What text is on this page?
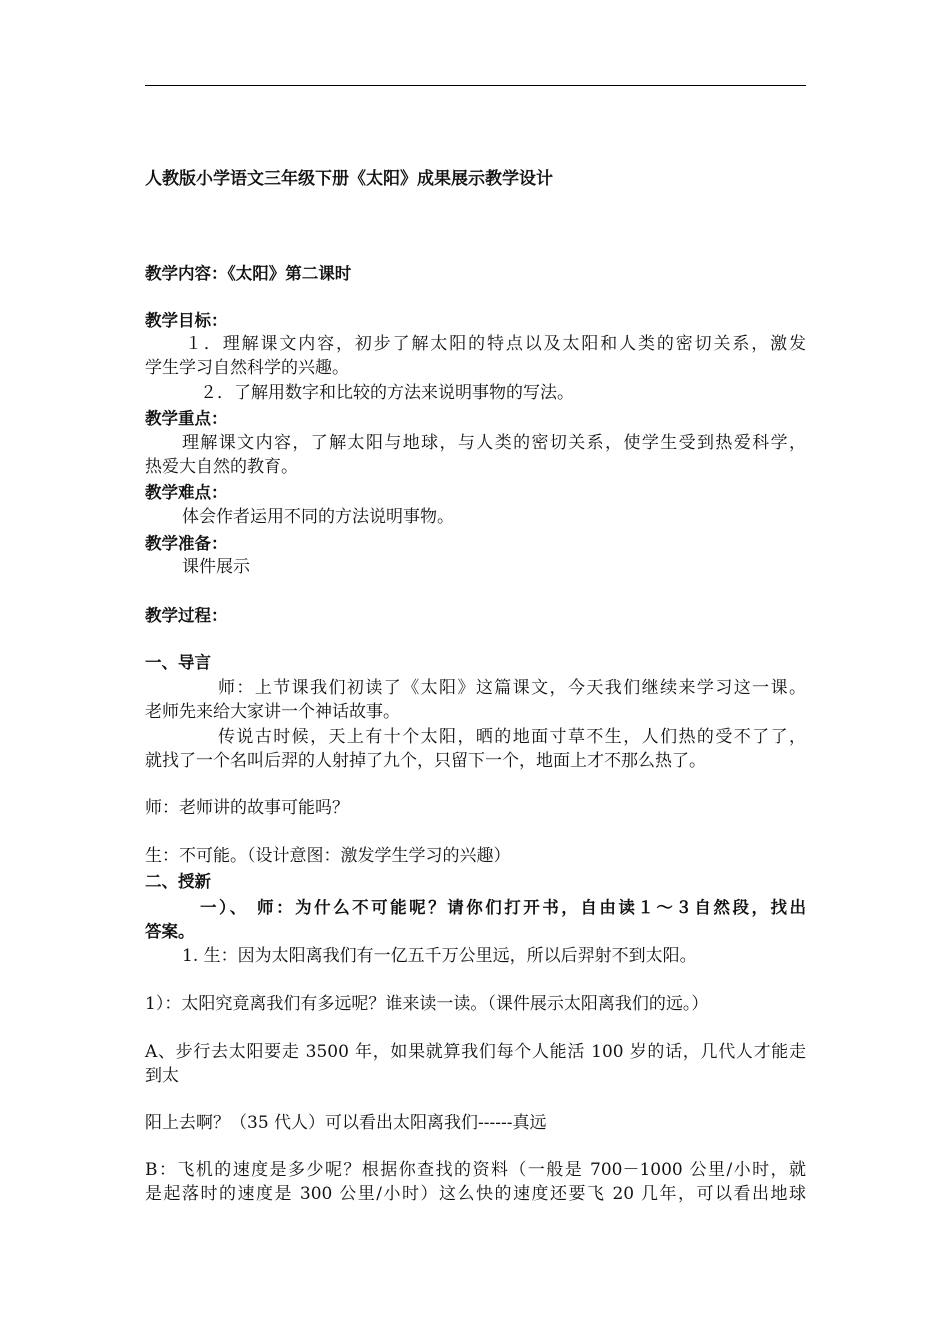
人教版小学语文三年级下册《太阳》成果展示教学设计
教学内容：《太阳》第二课时
教学目标：
１．理解课文内容，初步了解太阳的特点以及太阳和人类的密切关系，激发
学生学习自然科学的兴趣。
２．了解用数字和比较的方法来说明事物的写法。
教学重点：
理解课文内容，了解太阳与地球，与人类的密切关系，使学生受到热爱科学，
热爱大自然的教育。
教学难点：
体会作者运用不同的方法说明事物。
教学准备：
课件展示
教学过程：
一、导言
师：上节课我们初读了《太阳》这篇课文，今天我们继续来学习这一课。
老师先来给大家讲一个神话故事。
传说古时候，天上有十个太阳，晒的地面寸草不生，人们热的受不了了，
就找了一个名叫后羿的人射掉了九个，只留下一个，地面上才不那么热了。
师：老师讲的故事可能吗？
生：不可能。（设计意图：激发学生学习的兴趣）
二、授新
一）、 师：为什么不可能呢？请你们打开书，自由读１～３自然段，找出
答案。
1. 生：因为太阳离我们有一亿五千万公里远，所以后羿射不到太阳。
1）：太阳究竟离我们有多远呢？谁来读一读。（课件展示太阳离我们的远。）
A、步行去太阳要走 3500 年，如果就算我们每个人能活 100 岁的话，几代人才能走
到太
阳上去啊？（35 代人）可以看出太阳离我们------真远
B：飞机的速度是多少呢？根据你查找的资料（一般是 700－1000 公里/小时，就
是起落时的速度是 300 公里/小时）这么快的速度还要飞 20 几年，可以看出地球
